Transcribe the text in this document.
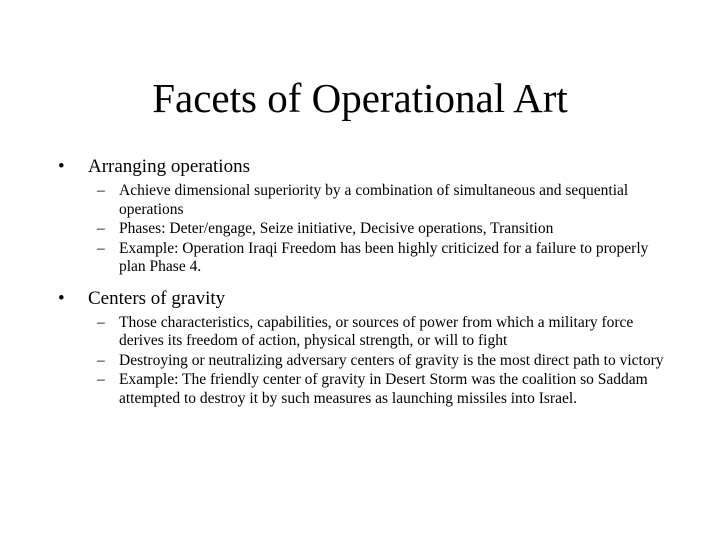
Facets of Operational Art
• Arranging operations
– Achieve dimensional superiority by a combination of simultaneous and sequential operations
– Phases: Deter/engage, Seize initiative, Decisive operations, Transition
– Example: Operation Iraqi Freedom has been highly criticized for a failure to properly plan Phase 4.
• Centers of gravity
– Those characteristics, capabilities, or sources of power from which a military force derives its freedom of action, physical strength, or will to fight
– Destroying or neutralizing adversary centers of gravity is the most direct path to victory
– Example: The friendly center of gravity in Desert Storm was the coalition so Saddam attempted to destroy it by such measures as launching missiles into Israel.
